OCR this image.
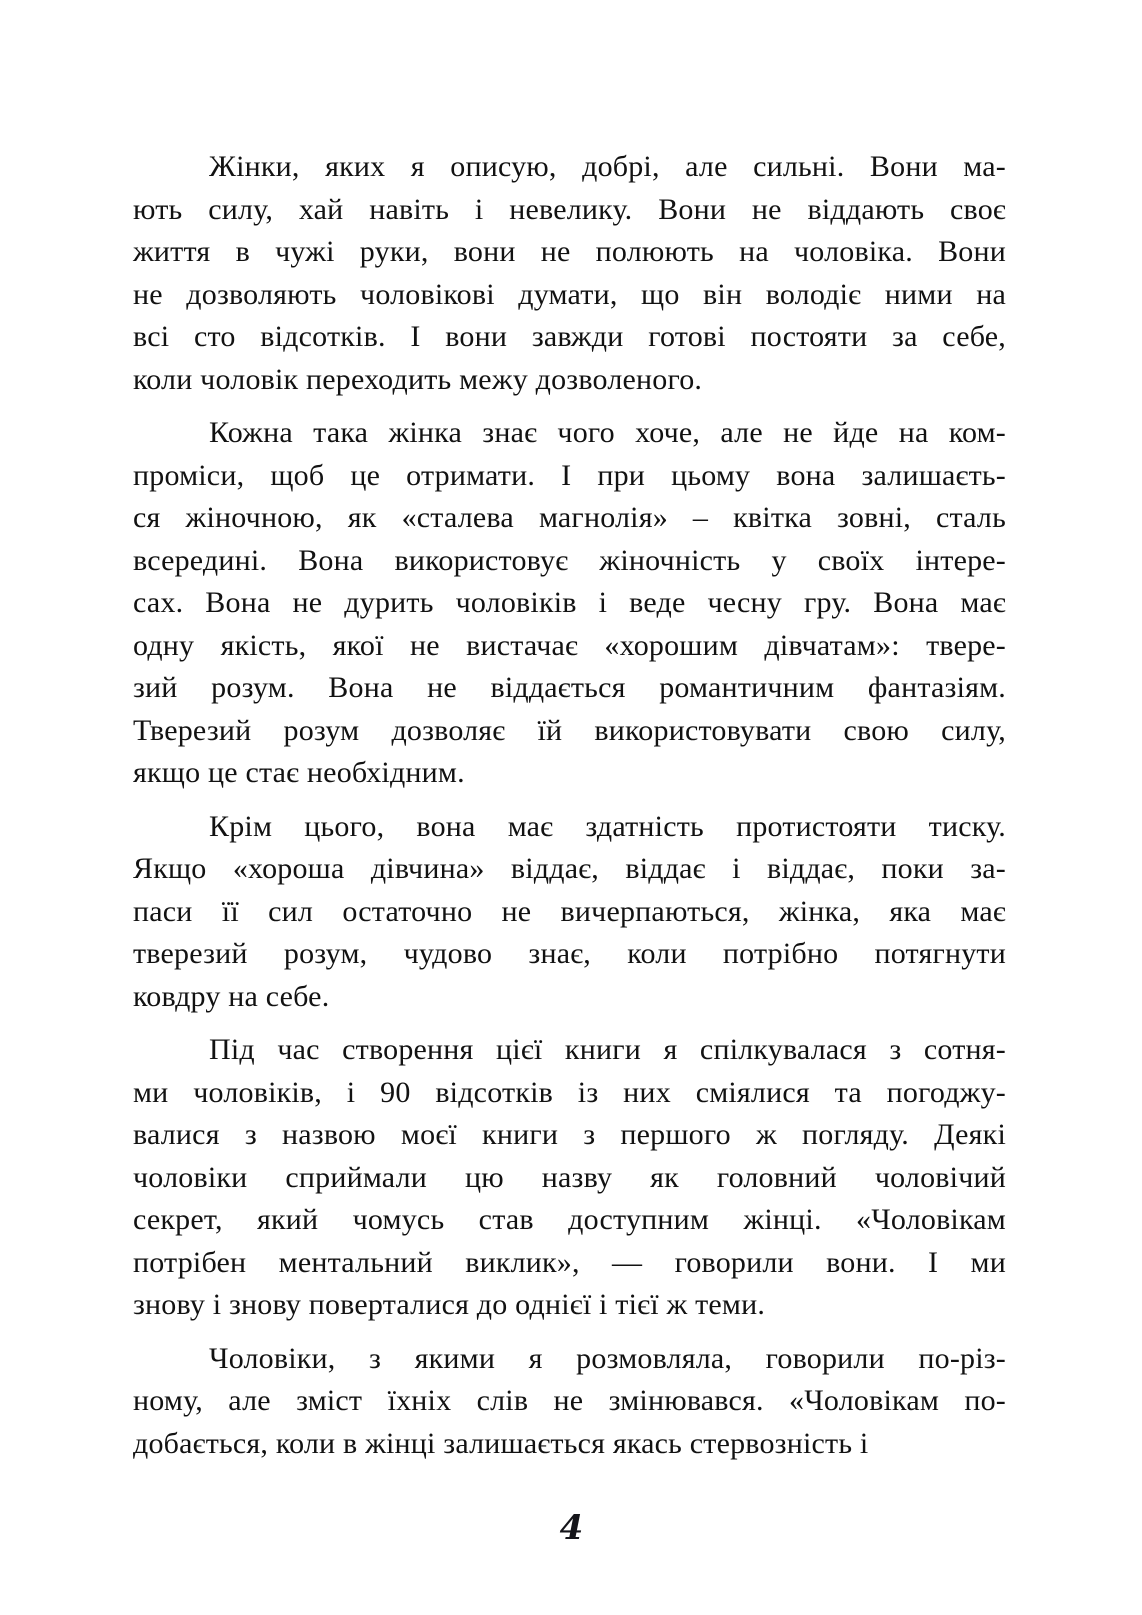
Жінки, яких я описую, добрі, але сильні. Вони ма-
ють силу, хай навіть і невелику. Вони не віддають своє
життя в чужі руки, вони не полюють на чоловіка. Вони
не дозволяють чоловікові думати, що він володіє ними на
всі сто відсотків. І вони завжди готові постояти за себе,
коли чоловік переходить межу дозволеного.
Кожна така жінка знає чого хоче, але не йде на ком-
проміси, щоб це отримати. І при цьому вона залишаєть-
ся жіночною, як «сталева магнолія» – квітка зовні, сталь
всередині. Вона використовує жіночність у своїх інтере-
сах. Вона не дурить чоловіків і веде чесну гру. Вона має
одну якість, якої не вистачає «хорошим дівчатам»: твере-
зий розум. Вона не віддається романтичним фантазіям.
Тверезий розум дозволяє їй використовувати свою силу,
якщо це стає необхідним.
Крім цього, вона має здатність протистояти тиску.
Якщо «хороша дівчина» віддає, віддає і віддає, поки за-
паси її сил остаточно не вичерпаються, жінка, яка має
тверезий розум, чудово знає, коли потрібно потягнути
ковдру на себе.
Під час створення цієї книги я спілкувалася з сотня-
ми чоловіків, і 90 відсотків із них сміялися та погоджу-
валися з назвою моєї книги з першого ж погляду. Деякі
чоловіки сприймали цю назву як головний чоловічий
секрет, який чомусь став доступним жінці. «Чоловікам
потрібен ментальний виклик», — говорили вони. І ми
знову і знову поверталися до однієї і тієї ж теми.
Чоловіки, з якими я розмовляла, говорили по-різ-
ному, але зміст їхніх слів не змінювався. «Чоловікам по-
добається, коли в жінці залишається якась стервозність і
4
